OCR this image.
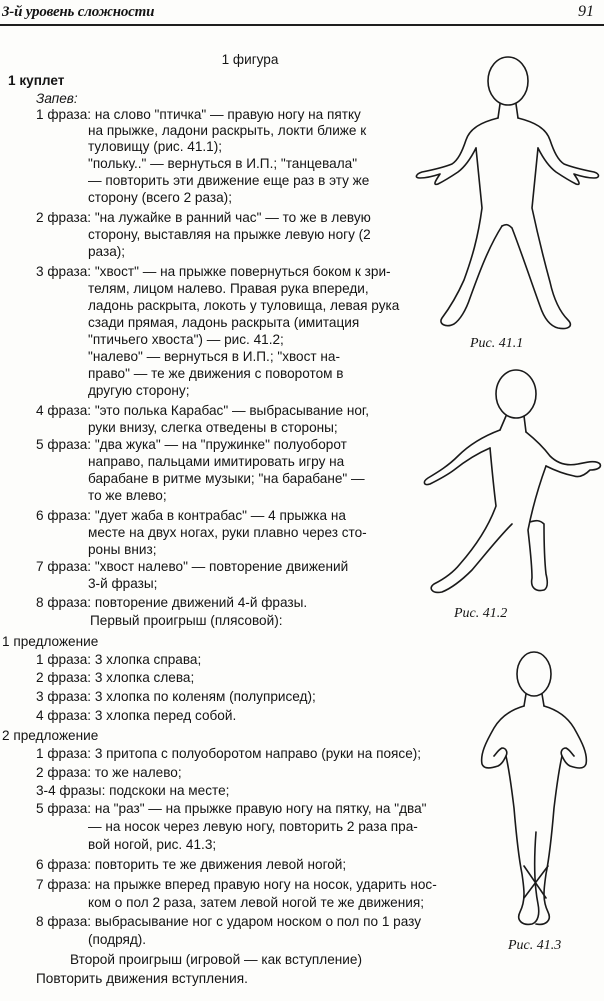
3-й уровень сложности	91
1 фигура
1 куплет
Запев:
1 фраза: на слово "птичка" — правую ногу на пятку
на прыжке, ладони раскрыть, локти ближе к
туловищу (рис. 41.1);
"польку.." — вернуться в И.П.; "танцевала"
— повторить эти движение еще раз в эту же
сторону (всего 2 раза);
2 фраза: "на лужайке в ранний час" — то же в левую
сторону, выставляя на прыжке левую ногу (2
раза);
3 фраза: "хвост" — на прыжке повернуться боком к зри-
телям, лицом налево. Правая рука впереди,
ладонь раскрыта, локоть у туловища, левая рука
сзади прямая, ладонь раскрыта (имитация
"птичьего хвоста") — рис. 41.2;
"налево" — вернуться в И.П.; "хвост на-
право" — те же движения с поворотом в
другую сторону;
4 фраза: "это полька Карабас" — выбрасывание ног,
руки внизу, слегка отведены в стороны;
5 фраза: "два жука" — на "пружинке" полуоборот
направо, пальцами имитировать игру на
барабане в ритме музыки; "на барабане" —
то же влево;
6 фраза: "дует жаба в контрабас" — 4 прыжка на
месте на двух ногах, руки плавно через сто-
роны вниз;
7 фраза: "хвост налево" — повторение движений
3-й фразы;
8 фраза: повторение движений 4-й фразы.
Первый проигрыш (плясовой):
1 предложение
1 фраза: 3 хлопка справа;
2 фраза: 3 хлопка слева;
3 фраза: 3 хлопка по коленям (полуприсед);
4 фраза: 3 хлопка перед собой.
2 предложение
1 фраза: 3 притопа с полуоборотом направо (руки на поясе);
2 фраза: то же налево;
3-4 фразы: подскоки на месте;
5 фраза: на "раз" — на прыжке правую ногу на пятку, на "два"
— на носок через левую ногу, повторить 2 раза пра-
вой ногой, рис. 41.3;
6 фраза: повторить те же движения левой ногой;
7 фраза: на прыжке вперед правую ногу на носок, ударить нос-
ком о пол 2 раза, затем левой ногой те же движения;
8 фраза: выбрасывание ног с ударом носком о пол по 1 разу
(подряд).
Второй проигрыш (игровой — как вступление)
Повторить движения вступления.
Рис. 41.1
Рис. 41.2
Рис. 41.3
